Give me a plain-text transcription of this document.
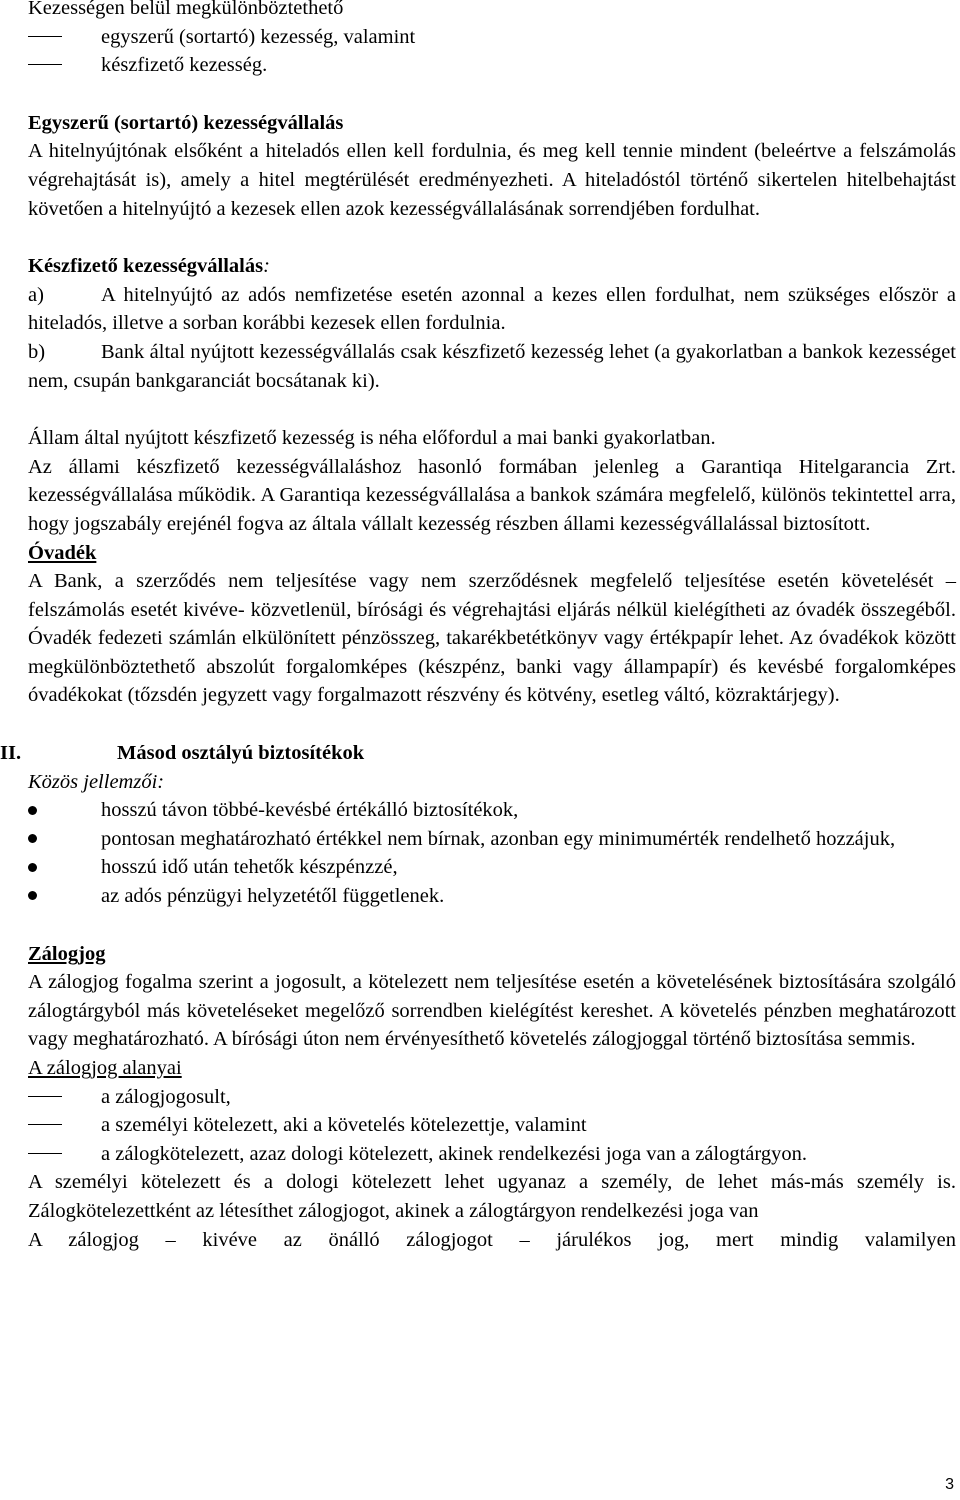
Kezességen belül megkülönböztethető

egyszerű (sortartó) kezesség, valamint
készfizető kezesség.

Egyszerű (sortartó) kezességvállalás

A hitelnyújtónak elsőként a hiteladós ellen kell fordulnia, és meg kell tennie mindent (beleértve a felszámolás végrehajtását is), amely a hitel megtérülését eredményezheti. A hiteladóstól történő sikertelen hitelbehajtást követően a hitelnyújtó a kezesek ellen azok kezességvállalásának sorrendjében fordulhat.

Készfizető kezességvállalás:

a)	A hitelnyújtó az adós nemfizetése esetén azonnal a kezes ellen fordulhat, nem szükséges először a hiteladós, illetve a sorban korábbi kezesek ellen fordulnia.

b)	Bank által nyújtott kezességvállalás csak készfizető kezesség lehet (a gyakorlatban a bankok kezességet nem, csupán bankgaranciát bocsátanak ki).

Állam által nyújtott készfizető kezesség is néha előfordul a mai banki gyakorlatban.

Az állami készfizető kezességvállaláshoz hasonló formában jelenleg a Garantiqa Hitelgarancia Zrt. kezességvállalása működik. A Garantiqa kezességvállalása a bankok számára megfelelő, különös tekintettel arra, hogy jogszabály erejénél fogva az általa vállalt kezesség részben állami kezességvállalással biztosított.

Óvadék

A Bank, a szerződés nem teljesítése vagy nem szerződésnek megfelelő teljesítése esetén követelését –felszámolás esetét kivéve- közvetlenül, bírósági és végrehajtási eljárás nélkül kielégítheti az óvadék összegéből. Óvadék fedezeti számlán elkülönített pénzösszeg, takarékbetétkönyv vagy értékpapír lehet. Az óvadékok között megkülönböztethető abszolút forgalomképes (készpénz, banki vagy állampapír) és kevésbé forgalomképes óvadékokat (tőzsdén jegyzett vagy forgalmazott részvény és kötvény, esetleg váltó, közraktárjegy).

II.	Másod osztályú biztosítékok

Közös jellemzői:

hosszú távon többé-kevésbé értékálló biztosítékok,

pontosan meghatározható értékkel nem bírnak, azonban egy minimumérték rendelhető hozzájuk,

hosszú idő után tehetők készpénzzé,
az adós pénzügyi helyzetétől függetlenek.

Zálogjog

A zálogjog fogalma szerint a jogosult, a kötelezett nem teljesítése esetén a követelésének biztosítására szolgáló zálogtárgyból más követeléseket megelőző sorrendben kielégítést kereshet. A követelés pénzben meghatározott vagy meghatározható. A bírósági úton nem érvényesíthető követelés zálogjoggal történő biztosítása semmis.

A zálogjog alanyai

a zálogjogosult,
a személyi kötelezett, aki a követelés kötelezettje, valamint
a zálogkötelezett, azaz dologi kötelezett, akinek rendelkezési joga van a zálogtárgyon.

A személyi kötelezett és a dologi kötelezett lehet ugyanaz a személy, de lehet más-más személy is. Zálogkötelezettként az létesíthet zálogjogot, akinek a zálogtárgyon rendelkezési joga van

A zálogjog – kivéve az önálló zálogjogot – járulékos jog, mert mindig valamilyen

3
